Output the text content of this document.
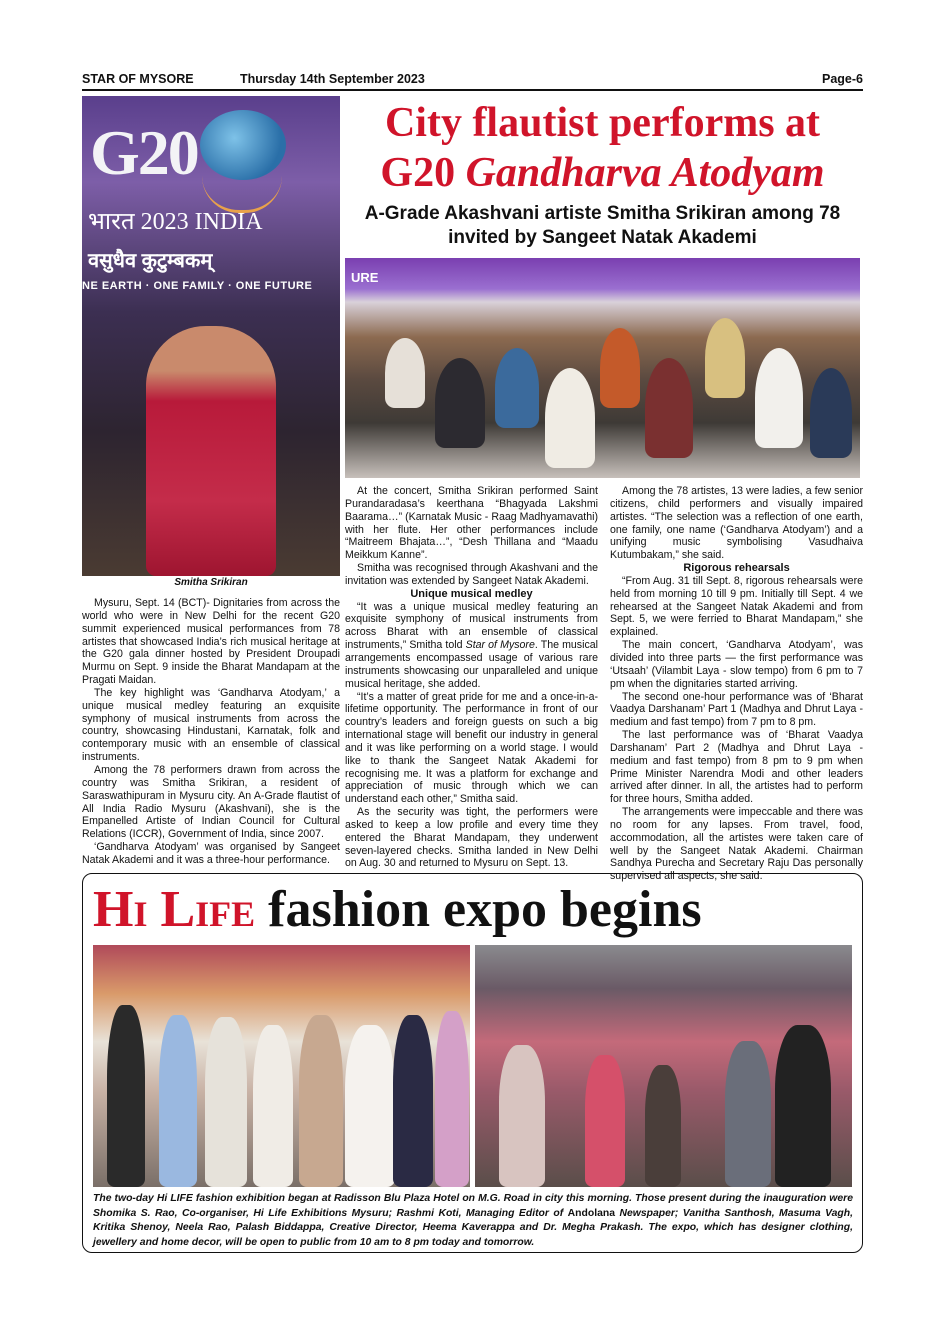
STAR OF MYSORE	Thursday 14th September 2023	Page-6
G20
भारत 2023 INDIA
वसुधैव कुटुम्बकम्
NE EARTH · ONE FAMILY · ONE FUTURE
Smitha Srikiran
City flautist performs at
G20 Gandharva Atodyam
A-Grade Akashvani artiste Smitha Srikiran among 78 invited by Sangeet Natak Akademi
URE

Mysuru, Sept. 14 (BCT)- Dignitaries from across the world who were in New Delhi for the recent G20 summit experienced musical performances from 78 artistes that showcased India’s rich musical heritage at the G20 gala dinner hosted by President Droupadi Murmu on Sept. 9 inside the Bharat Mandapam at the Pragati Maidan.

The key highlight was ‘Gandharva Atodyam,’ a unique musical medley featuring an exquisite symphony of musical instruments from across the country, showcasing Hindustani, Karnatak, folk and contemporary music with an ensemble of classical instruments.

Among the 78 performers drawn from across the country was Smitha Srikiran, a resident of Saraswathipuram in Mysuru city. An A-Grade flautist of All India Radio Mysuru (Akashvani), she is the Empanelled Artiste of Indian Council for Cultural Relations (ICCR), Government of India, since 2007.

‘Gandharva Atodyam’ was organised by Sangeet Natak Akademi and it was a three-hour performance.

At the concert, Smitha Srikiran performed Saint Purandaradasa’s keerthana “Bhagyada Lakshmi Baarama…” (Karnatak Music - Raag Madhyamavathi) with her flute. Her other performances include “Maitreem Bhajata…”, “Desh Thillana and “Maadu Meikkum Kanne”.

Smitha was recognised through Akashvani and the invitation was extended by Sangeet Natak Akademi.

Unique musical medley

“It was a unique musical medley featuring an exquisite symphony of musical instruments from across Bharat with an ensemble of classical instruments,” Smitha told Star of Mysore. The musical arrangements encompassed usage of various rare instruments showcasing our unparalleled and unique musical heritage, she added.

“It’s a matter of great pride for me and a once-in-a-lifetime opportunity. The performance in front of our country’s leaders and foreign guests on such a big international stage will benefit our industry in general and it was like performing on a world stage. I would like to thank the Sangeet Natak Akademi for recognising me. It was a platform for exchange and appreciation of music through which we can understand each other,” Smitha said.

As the security was tight, the performers were asked to keep a low profile and every time they entered the Bharat Mandapam, they underwent seven-layered checks. Smitha landed in New Delhi on Aug. 30 and returned to Mysuru on Sept. 13.

Among the 78 artistes, 13 were ladies, a few senior citizens, child performers and visually impaired artistes. “The selection was a reflection of one earth, one family, one name (‘Gandharva Atodyam’) and a unifying music symbolising Vasudhaiva Kutumbakam,” she said.

Rigorous rehearsals

“From Aug. 31 till Sept. 8, rigorous rehearsals were held from morning 10 till 9 pm. Initially till Sept. 4 we rehearsed at the Sangeet Natak Akademi and from Sept. 5, we were ferried to Bharat Mandapam,” she explained.

The main concert, ‘Gandharva Atodyam’, was divided into three parts — the first performance was ‘Utsaah’ (Vilambit Laya - slow tempo) from 6 pm to 7 pm when the dignitaries started arriving.

The second one-hour performance was of ‘Bharat Vaadya Darshanam’ Part 1 (Madhya and Dhrut Laya - medium and fast tempo) from 7 pm to 8 pm.

The last performance was of ‘Bharat Vaadya Darshanam’ Part 2 (Madhya and Dhrut Laya - medium and fast tempo) from 8 pm to 9 pm when Prime Minister Narendra Modi and other leaders arrived after dinner. In all, the artistes had to perform for three hours, Smitha added.

The arrangements were impeccable and there was no room for any lapses. From travel, food, accommodation, all the artistes were taken care of well by the Sangeet Natak Akademi. Chairman Sandhya Purecha and Secretary Raju Das personally supervised all aspects, she said.

Hi Life fashion expo begins
The two-day Hi LIFE fashion exhibition began at Radisson Blu Plaza Hotel on M.G. Road in city this morning. Those present during the inauguration were Shomika S. Rao, Co-organiser, Hi Life Exhibitions Mysuru; Rashmi Koti, Managing Editor of Andolana Newspaper; Vanitha Santhosh, Masuma Vagh, Kritika Shenoy, Neela Rao, Palash Biddappa, Creative Director, Heema Kaverappa and Dr. Megha Prakash. The expo, which has designer clothing, jewellery and home decor, will be open to public from 10 am to 8 pm today and tomorrow.
